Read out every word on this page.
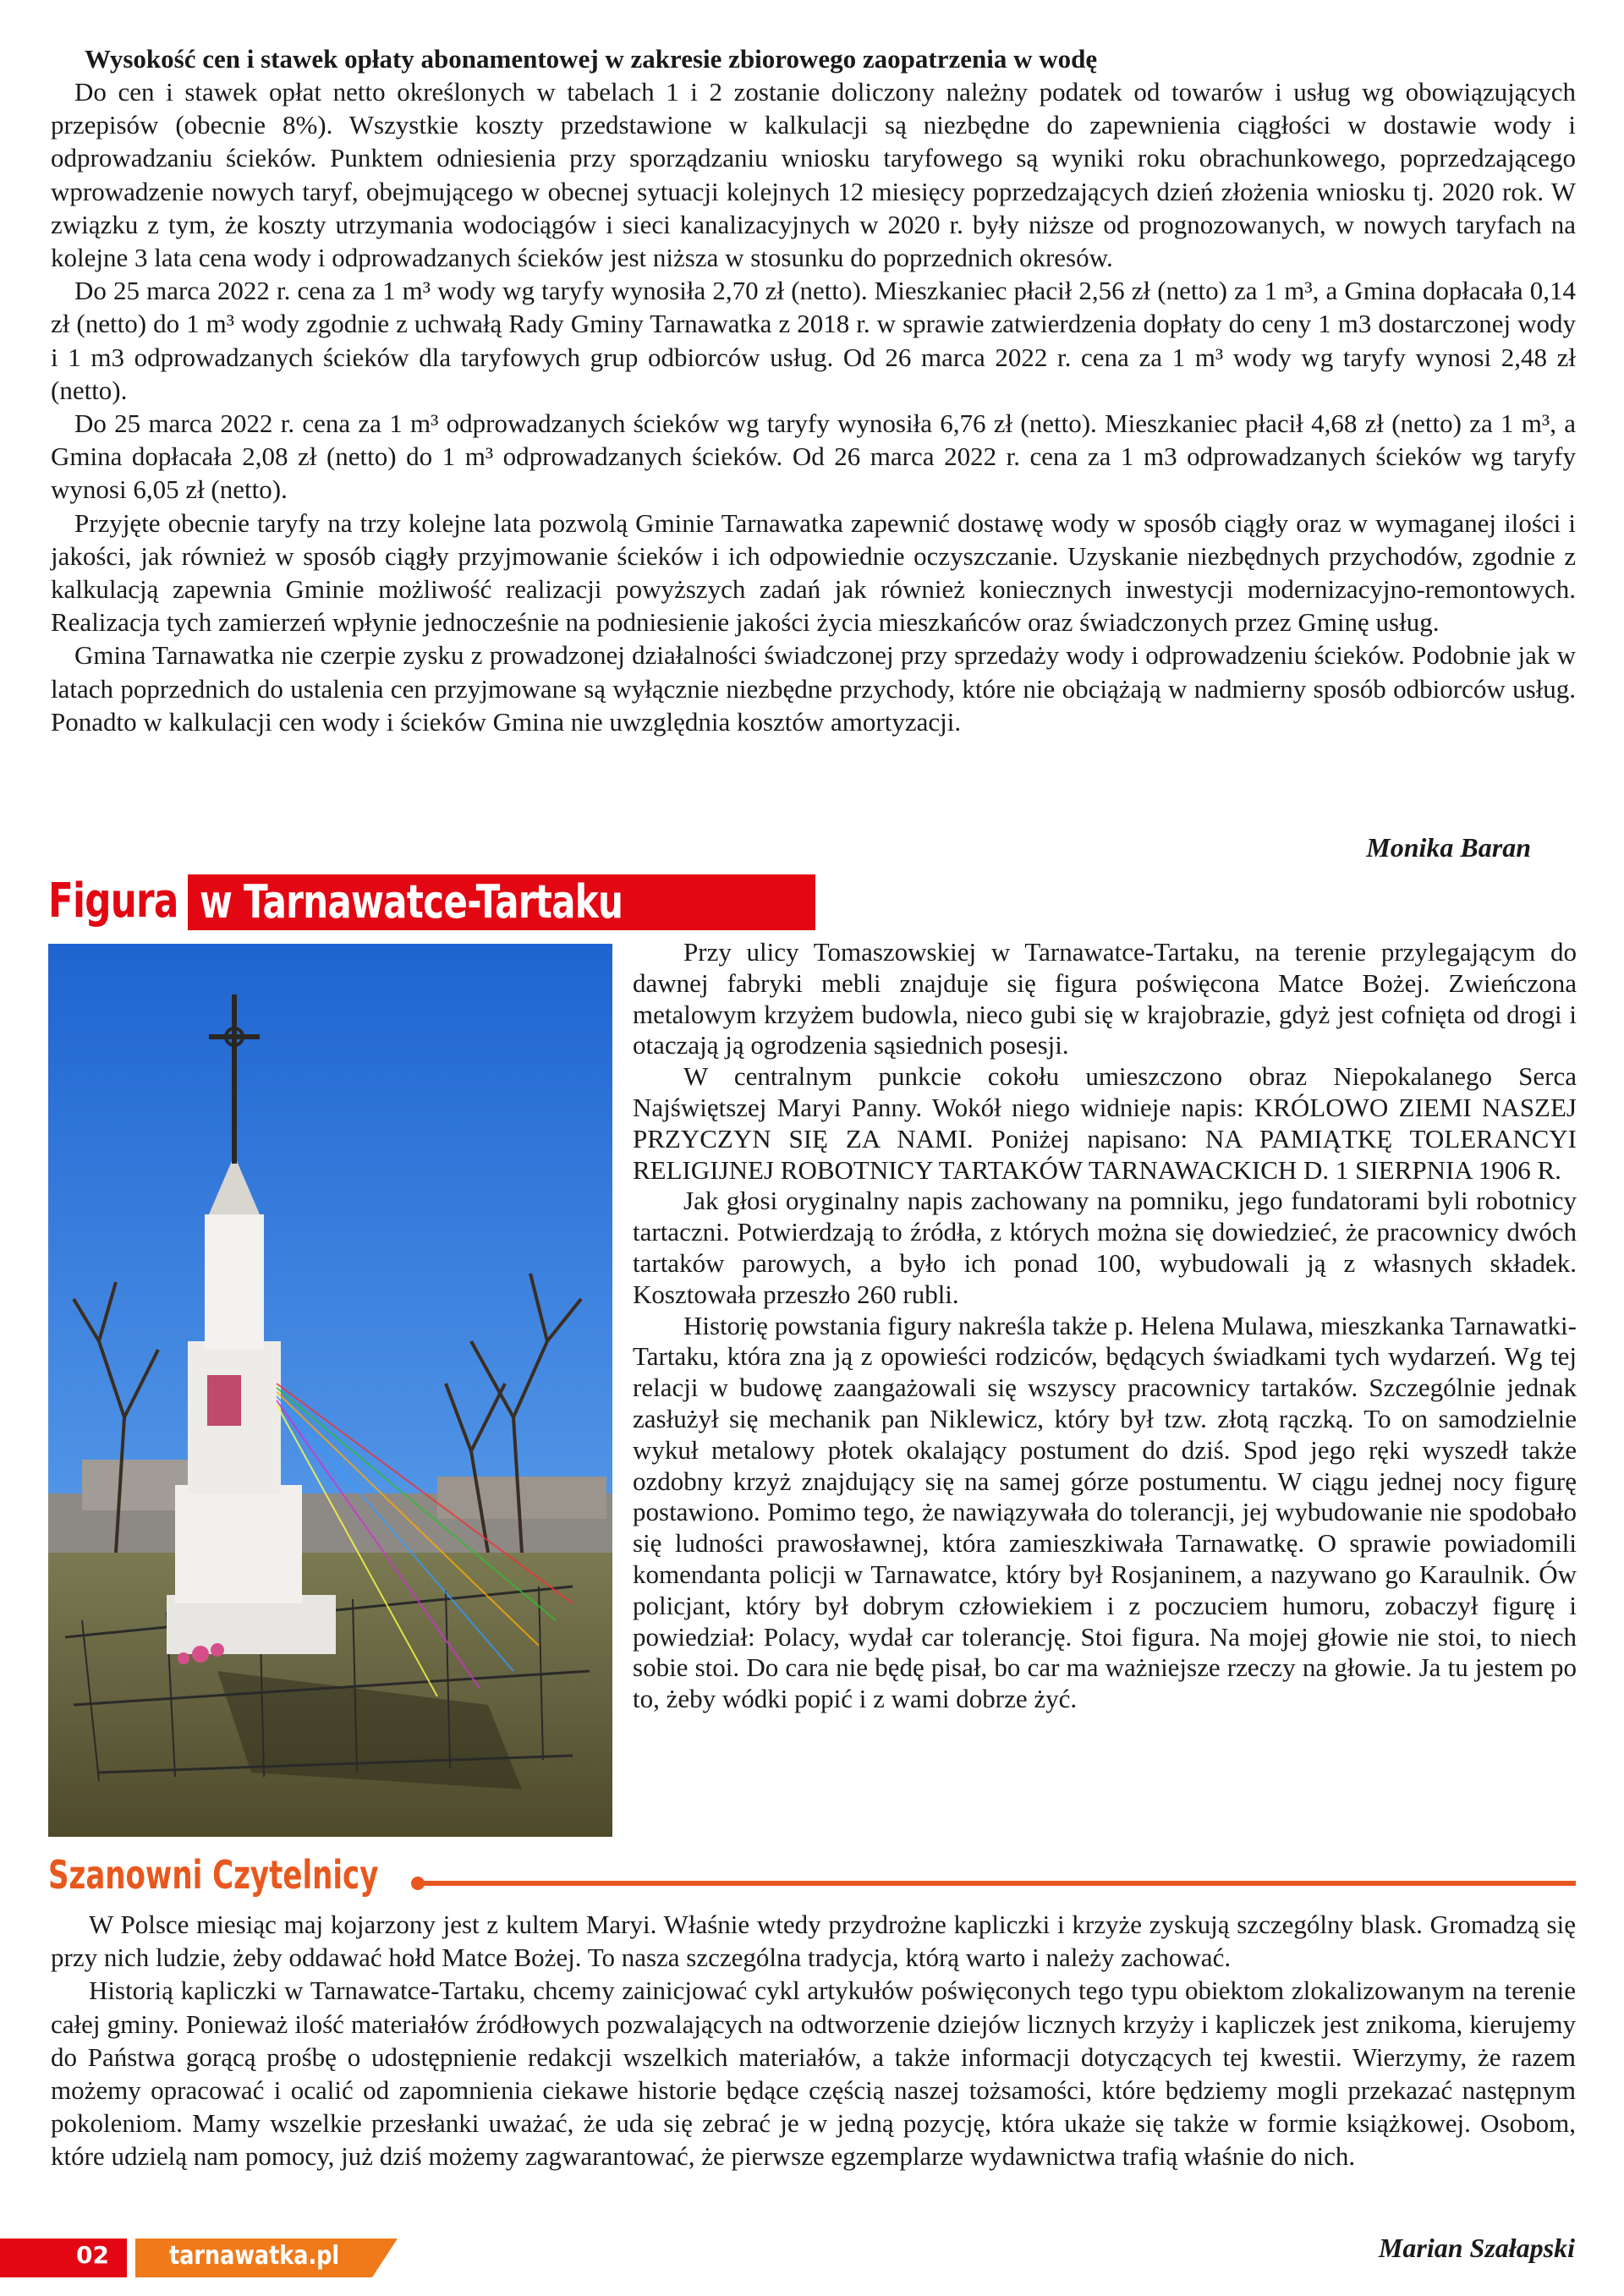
Wysokość cen i stawek opłaty abonamentowej w zakresie zbiorowego zaopatrzenia w wodę

Do cen i stawek opłat netto określonych w tabelach 1 i 2 zostanie doliczony należny podatek od towarów i usług wg obowiązujących przepisów (obecnie 8%). Wszystkie koszty przedstawione w kalkulacji są niezbędne do zapewnienia ciągłości w dostawie wody i odprowadzaniu ścieków. Punktem odniesienia przy sporządzaniu wniosku taryfowego są wyniki roku obrachunkowego, poprzedzającego wprowadzenie nowych taryf, obejmującego w obecnej sytuacji kolejnych 12 miesięcy poprzedzających dzień złożenia wniosku tj. 2020 rok. W związku z tym, że koszty utrzymania wodociągów i sieci kanalizacyjnych w 2020 r. były niższe od prognozowanych, w nowych taryfach na kolejne 3 lata cena wody i odprowadzanych ścieków jest niższa w stosunku do poprzednich okresów.

Do 25 marca 2022 r. cena za 1 m³ wody wg taryfy wynosiła 2,70 zł (netto). Mieszkaniec płacił 2,56 zł (netto) za 1 m³, a Gmina dopłacała 0,14 zł (netto) do 1 m³ wody zgodnie z uchwałą Rady Gminy Tarnawatka z 2018 r. w sprawie zatwierdzenia dopłaty do ceny 1 m3 dostarczonej wody i 1 m3 odprowadzanych ścieków dla taryfowych grup odbiorców usług. Od 26 marca 2022 r. cena za 1 m³ wody wg taryfy wynosi 2,48 zł (netto).

Do 25 marca 2022 r. cena za 1 m³ odprowadzanych ścieków wg taryfy wynosiła 6,76 zł (netto). Mieszkaniec płacił 4,68 zł (netto) za 1 m³, a Gmina dopłacała 2,08 zł (netto) do 1 m³ odprowadzanych ścieków. Od 26 marca 2022 r. cena za 1 m3 odprowadzanych ścieków wg taryfy wynosi 6,05 zł (netto).

Przyjęte obecnie taryfy na trzy kolejne lata pozwolą Gminie Tarnawatka zapewnić dostawę wody w sposób ciągły oraz w wymaganej ilości i jakości, jak również w sposób ciągły przyjmowanie ścieków i ich odpowiednie oczyszczanie. Uzyskanie niezbędnych przychodów, zgodnie z kalkulacją zapewnia Gminie możliwość realizacji powyższych zadań jak również koniecznych inwestycji modernizacyjno-remontowych. Realizacja tych zamierzeń wpłynie jednocześnie na podniesienie jakości życia mieszkańców oraz świadczonych przez Gminę usług.

Gmina Tarnawatka nie czerpie zysku z prowadzonej działalności świadczonej przy sprzedaży wody i odprowadzeniu ścieków. Podobnie jak w latach poprzednich do ustalenia cen przyjmowane są wyłącznie niezbędne przychody, które nie obciążają w nadmierny sposób odbiorców usług. Ponadto w kalkulacji cen wody i ścieków Gmina nie uwzględnia kosztów amortyzacji.

Monika Baran
Figura w Tarnawatce-Tartaku

Przy ulicy Tomaszowskiej w Tarnawatce-Tartaku, na terenie przylegającym do dawnej fabryki mebli znajduje się figura poświęcona Matce Bożej. Zwieńczona metalowym krzyżem budowla, nieco gubi się w krajobrazie, gdyż jest cofnięta od drogi i otaczają ją ogrodzenia sąsiednich posesji.

W centralnym punkcie cokołu umieszczono obraz Niepokalanego Serca Najświętszej Maryi Panny. Wokół niego widnieje napis: KRÓLOWO ZIEMI NASZEJ PRZYCZYN SIĘ ZA NAMI. Poniżej napisano: NA PAMIĄTKĘ TOLERANCYI RELIGIJNEJ ROBOTNICY TARTAKÓW TARNAWACKICH D. 1 SIERPNIA 1906 R.

Jak głosi oryginalny napis zachowany na pomniku, jego fundatorami byli robotnicy tartaczni. Potwierdzają to źródła, z których można się dowiedzieć, że pracownicy dwóch tartaków parowych, a było ich ponad 100, wybudowali ją z własnych składek. Kosztowała przeszło 260 rubli.

Historię powstania figury nakreśla także p. Helena Mulawa, mieszkanka Tarnawatki-Tartaku, która zna ją z opowieści rodziców, będących świadkami tych wydarzeń. Wg tej relacji w budowę zaangażowali się wszyscy pracownicy tartaków. Szczególnie jednak zasłużył się mechanik pan Niklewicz, który był tzw. złotą rączką. To on samodzielnie wykuł metalowy płotek okalający postument do dziś. Spod jego ręki wyszedł także ozdobny krzyż znajdujący się na samej górze postumentu. W ciągu jednej nocy figurę postawiono. Pomimo tego, że nawiązywała do tolerancji, jej wybudowanie nie spodobało się ludności prawosławnej, która zamieszkiwała Tarnawatkę. O sprawie powiadomili komendanta policji w Tarnawatce, który był Rosjaninem, a nazywano go Karaulnik. Ów policjant, który był dobrym człowiekiem i z poczuciem humoru, zobaczył figurę i powiedział: Polacy, wydał car tolerancję. Stoi figura. Na mojej głowie nie stoi, to niech sobie stoi. Do cara nie będę pisał, bo car ma ważniejsze rzeczy na głowie. Ja tu jestem po to, żeby wódki popić i z wami dobrze żyć.

Szanowni Czytelnicy

W Polsce miesiąc maj kojarzony jest z kultem Maryi. Właśnie wtedy przydrożne kapliczki i krzyże zyskują szczególny blask. Gromadzą się przy nich ludzie, żeby oddawać hołd Matce Bożej. To nasza szczególna tradycja, którą warto i należy zachować.

Historią kapliczki w Tarnawatce-Tartaku, chcemy zainicjować cykl artykułów poświęconych tego typu obiektom zlokalizowanym na terenie całej gminy. Ponieważ ilość materiałów źródłowych pozwalających na odtworzenie dziejów licznych krzyży i kapliczek jest znikoma, kierujemy do Państwa gorącą prośbę o udostępnienie redakcji wszelkich materiałów, a także informacji dotyczących tej kwestii. Wierzymy, że razem możemy opracować i ocalić od zapomnienia ciekawe historie będące częścią naszej tożsamości, które będziemy mogli przekazać następnym pokoleniom. Mamy wszelkie przesłanki uważać, że uda się zebrać je w jedną pozycję, która ukaże się także w formie książkowej. Osobom, które udzielą nam pomocy, już dziś możemy zagwarantować, że pierwsze egzemplarze wydawnictwa trafią właśnie do nich.

Marian Szałapski
02 tarnawatka.pl
